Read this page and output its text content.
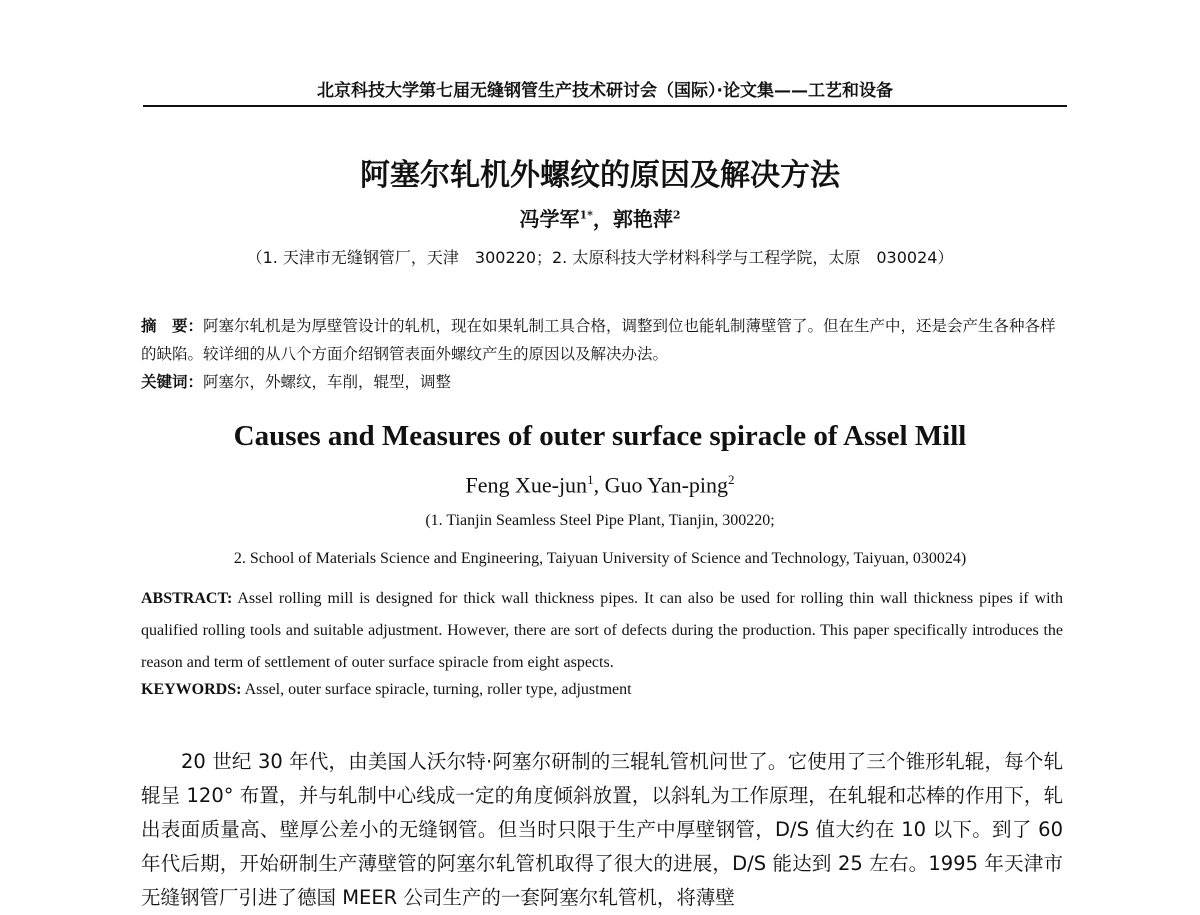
北京科技大学第七届无缝钢管生产技术研讨会（国际）·论文集——工艺和设备
阿塞尔轧机外螺纹的原因及解决方法
冯学军$^{1*}$，郭艳萍$^2$
（1. 天津市无缝钢管厂，天津　300220；2. 太原科技大学材料科学与工程学院，太原　030024）
摘　要：阿塞尔轧机是为厚壁管设计的轧机，现在如果轧制工具合格，调整到位也能轧制薄壁管了。但在生产中，还是会产生各种各样的缺陷。较详细的从八个方面介绍钢管表面外螺纹产生的原因以及解决办法。
关键词：阿塞尔，外螺纹，车削，辊型，调整
Causes and Measures of outer surface spiracle of Assel Mill
Feng Xue-jun$^1$, Guo Yan-ping$^2$
(1. Tianjin Seamless Steel Pipe Plant, Tianjin, 300220;
2. School of Materials Science and Engineering, Taiyuan University of Science and Technology, Taiyuan, 030024)
ABSTRACT: Assel rolling mill is designed for thick wall thickness pipes. It can also be used for rolling thin wall thickness pipes if with qualified rolling tools and suitable adjustment. However, there are sort of defects during the production. This paper specifically introduces the reason and term of settlement of outer surface spiracle from eight aspects.
KEYWORDS: Assel, outer surface spiracle, turning, roller type, adjustment
20 世纪 30 年代，由美国人沃尔特·阿塞尔研制的三辊轧管机问世了。它使用了三个锥形轧辊，每个轧辊呈 120° 布置，并与轧制中心线成一定的角度倾斜放置，以斜轧为工作原理，在轧辊和芯棒的作用下，轧出表面质量高、壁厚公差小的无缝钢管。但当时只限于生产中厚壁钢管，D/S 值大约在 10 以下。到了 60 年代后期，开始研制生产薄壁管的阿塞尔轧管机取得了很大的进展，D/S 能达到 25 左右。1995 年天津市无缝钢管厂引进了德国 MEER 公司生产的一套阿塞尔轧管机，将薄壁
